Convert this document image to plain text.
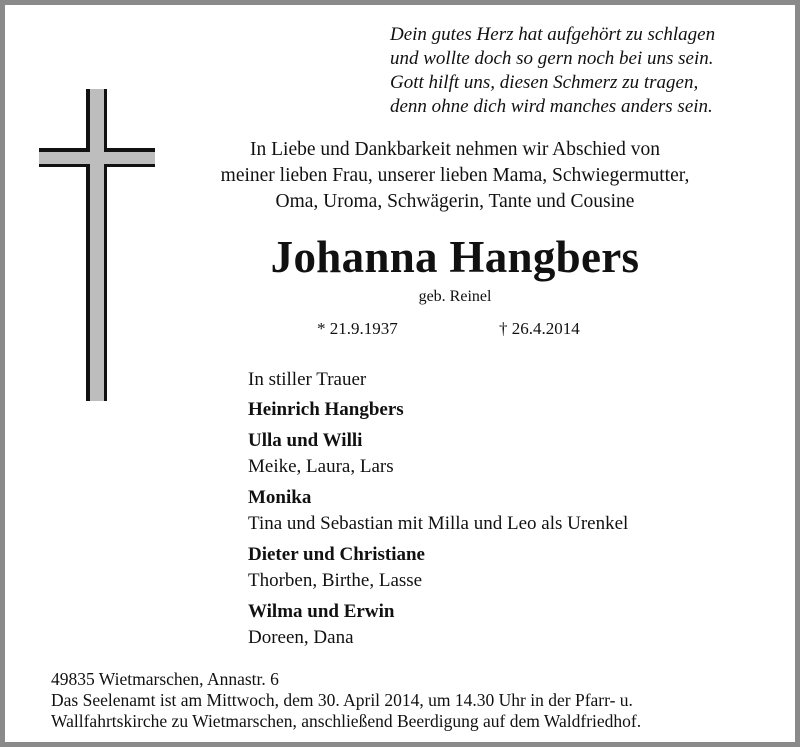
Dein gutes Herz hat aufgehört zu schlagen
und wollte doch so gern noch bei uns sein.
Gott hilft uns, diesen Schmerz zu tragen,
denn ohne dich wird manches anders sein.
In Liebe und Dankbarkeit nehmen wir Abschied von
meiner lieben Frau, unserer lieben Mama, Schwiegermutter,
Oma, Uroma, Schwägerin, Tante und Cousine
Johanna Hangbers
geb. Reinel
* 21.9.1937	† 26.4.2014
In stiller Trauer
Heinrich Hangbers
Ulla und Willi
Meike, Laura, Lars
Monika
Tina und Sebastian mit Milla und Leo als Urenkel
Dieter und Christiane
Thorben, Birthe, Lasse
Wilma und Erwin
Doreen, Dana
49835 Wietmarschen, Annastr. 6
Das Seelenamt ist am Mittwoch, dem 30. April 2014, um 14.30 Uhr in der Pfarr- u.
Wallfahrtskirche zu Wietmarschen, anschließend Beerdigung auf dem Waldfriedhof.
